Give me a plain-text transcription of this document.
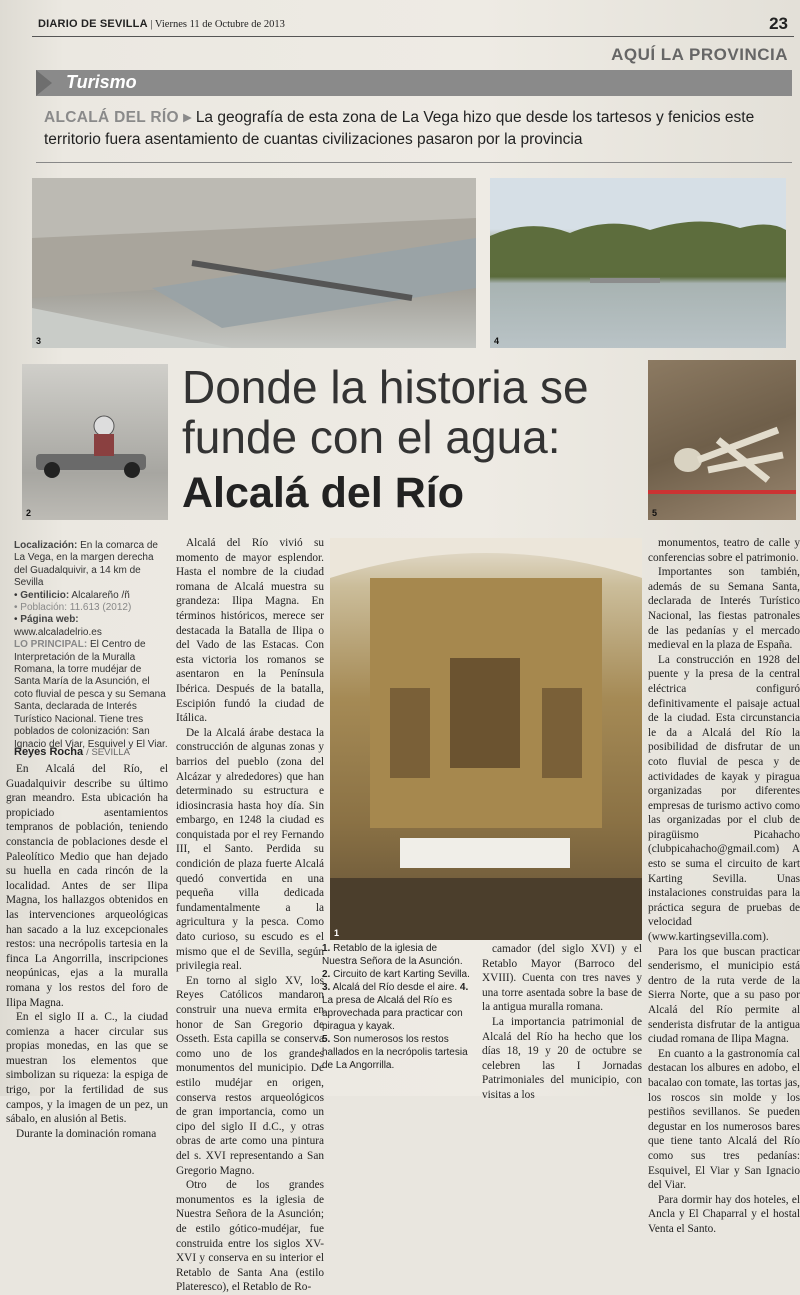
DIARIO DE SEVILLA | Viernes 11 de Octubre de 2013	23
AQUÍ LA PROVINCIA
Turismo
ALCALÁ DEL RÍO ▸ La geografía de esta zona de La Vega hizo que desde los tartesos y fenicios este territorio fuera asentamiento de cuantas civilizaciones pasaron por la provincia
3	4
2	5
1
Donde la historia se funde con el agua:
Alcalá del Río

Localización: En la comarca de La Vega, en la margen derecha del Guadalquivir, a 14 km de Sevilla

• Gentilicio: Alcalareño /ñ

• Población: 11.613 (2012)

• Página web:

www.alcaladelrio.es

LO PRINCIPAL: El Centro de Interpretación de la Muralla Romana, la torre mudéjar de Santa María de la Asunción, el coto fluvial de pesca y su Semana Santa, declarada de Interés Turístico Nacional. Tiene tres poblados de colonización: San Ignacio del Viar, Esquivel y El Viar.

Reyes Rocha / SEVILLA

En Alcalá del Río, el Guadalquivir describe su último gran meandro. Esta ubicación ha propiciado asentamientos tempranos de población, teniendo constancia de poblaciones desde el Paleolítico Medio que han dejado su huella en cada rincón de la localidad. Antes de ser Ilipa Magna, los hallazgos obtenidos en las intervenciones arqueológicas han sacado a la luz excepcionales restos: una necrópolis tartesia en la finca La Angorrilla, inscripciones neopúnicas, ejas a la muralla romana y los restos del foro de Ilipa Magna.

En el siglo II a. C., la ciudad comienza a hacer circular sus propias monedas, en las que se muestran los elementos que simbolizan su riqueza: la espiga de trigo, por la fertilidad de sus campos, y la imagen de un pez, un sábalo, en alusión al Betis.

Durante la dominación romana

Alcalá del Río vivió su momento de mayor esplendor. Hasta el nombre de la ciudad romana de Alcalá muestra su grandeza: Ilipa Magna. En términos históricos, merece ser destacada la Batalla de Ilipa o del Vado de las Estacas. Con esta victoria los romanos se asentaron en la Península Ibérica. Después de la batalla, Escipión fundó la ciudad de Itálica.

De la Alcalá árabe destaca la construcción de algunas zonas y barrios del pueblo (zona del Alcázar y alrededores) que han determinado su estructura e idiosincrasia hasta hoy día. Sin embargo, en 1248 la ciudad es conquistada por el rey Fernando III, el Santo. Perdida su condición de plaza fuerte Alcalá quedó convertida en una pequeña villa dedicada fundamentalmente a la agricultura y la pesca. Como dato curioso, su escudo es el mismo que el de Sevilla, según privilegia real.

En torno al siglo XV, los Reyes Católicos mandaron construir una nueva ermita en honor de San Gregorio de Osseth. Esta capilla se conserva como uno de los grandes monumentos del municipio. De estilo mudéjar en origen, conserva restos arqueológicos de gran importancia, como un cipo del siglo II d.C., y otras obras de arte como una pintura del s. XVI representando a San Gregorio Magno.

Otro de los grandes monumentos es la iglesia de Nuestra Señora de la Asunción; de estilo gótico-mudéjar, fue construida entre los siglos XV-XVI y conserva en su interior el Retablo de Santa Ana (estilo Plateresco), el Retablo de Ro-

1. Retablo de la iglesia de Nuestra Señora de la Asunción. 2. Circuito de kart Karting Sevilla.

3. Alcalá del Río desde el aire. 4. La presa de Alcalá del Río es aprovechada para practicar con piragua y kayak.

5. Son numerosos los restos hallados en la necrópolis tartesia de La Angorrilla.

camador (del siglo XVI) y el Retablo Mayor (Barroco del XVIII). Cuenta con tres naves y una torre asentada sobre la base de la antigua muralla romana.

La importancia patrimonial de Alcalá del Río ha hecho que los días 18, 19 y 20 de octubre se celebren las I Jornadas Patrimoniales del municipio, con visitas a los

monumentos, teatro de calle y conferencias sobre el patrimonio.

Importantes son también, además de su Semana Santa, declarada de Interés Turístico Nacional, las fiestas patronales de las pedanías y el mercado medieval en la plaza de España.

La construcción en 1928 del puente y la presa de la central eléctrica configuró definitivamente el paisaje actual de la ciudad. Esta circunstancia le da a Alcalá del Río la posibilidad de disfrutar de un coto fluvial de pesca y de actividades de kayak y piragua organizadas por diferentes empresas de turismo activo como las organizadas por el club de piragüismo Picahacho (clubpicahacho@gmail.com) A esto se suma el circuito de kart Karting Sevilla. Unas instalaciones construidas para la práctica segura de pruebas de velocidad (www.kartingsevilla.com).

Para los que buscan practicar senderismo, el municipio está dentro de la ruta verde de la Sierra Norte, que a su paso por Alcalá del Río permite al senderista disfrutar de la antigua ciudad romana de Ilipa Magna.

En cuanto a la gastronomía cal destacan los albures en adobo, el bacalao con tomate, las tortas jas, los roscos sin molde y los pestiños sevillanos. Se pueden degustar en los numerosos bares que tiene tanto Alcalá del Río como sus tres pedanías: Esquivel, El Viar y San Ignacio del Viar.

Para dormir hay dos hoteles, el Ancla y El Chaparral y el hostal Venta el Santo.
